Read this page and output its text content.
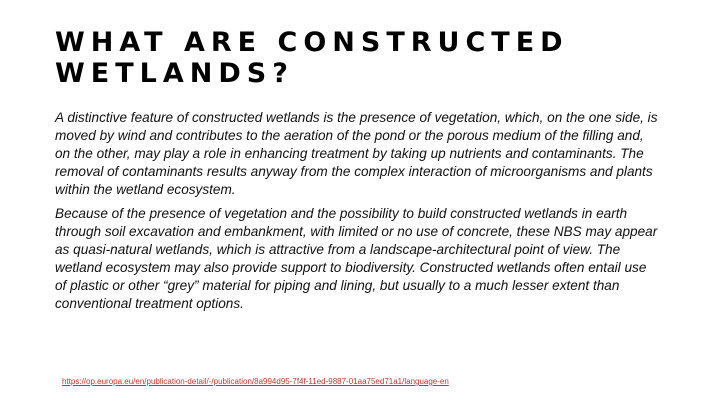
WHAT ARE CONSTRUCTED WETLANDS?

A distinctive feature of constructed wetlands is the presence of vegetation, which, on the one side, is moved by wind and contributes to the aeration of the pond or the porous medium of the filling and, on the other, may play a role in enhancing treatment by taking up nutrients and contaminants. The removal of contaminants results anyway from the complex interaction of microorganisms and plants within the wetland ecosystem.

Because of the presence of vegetation and the possibility to build constructed wetlands in earth through soil excavation and embankment, with limited or no use of concrete, these NBS may appear as quasi-natural wetlands, which is attractive from a landscape-architectural point of view. The wetland ecosystem may also provide support to biodiversity. Constructed wetlands often entail use of plastic or other “grey” material for piping and lining, but usually to a much lesser extent than conventional treatment options.

https://op.europa.eu/en/publication-detail/-/publication/8a994d95-7f4f-11ed-9887-01aa75ed71a1/language-en
